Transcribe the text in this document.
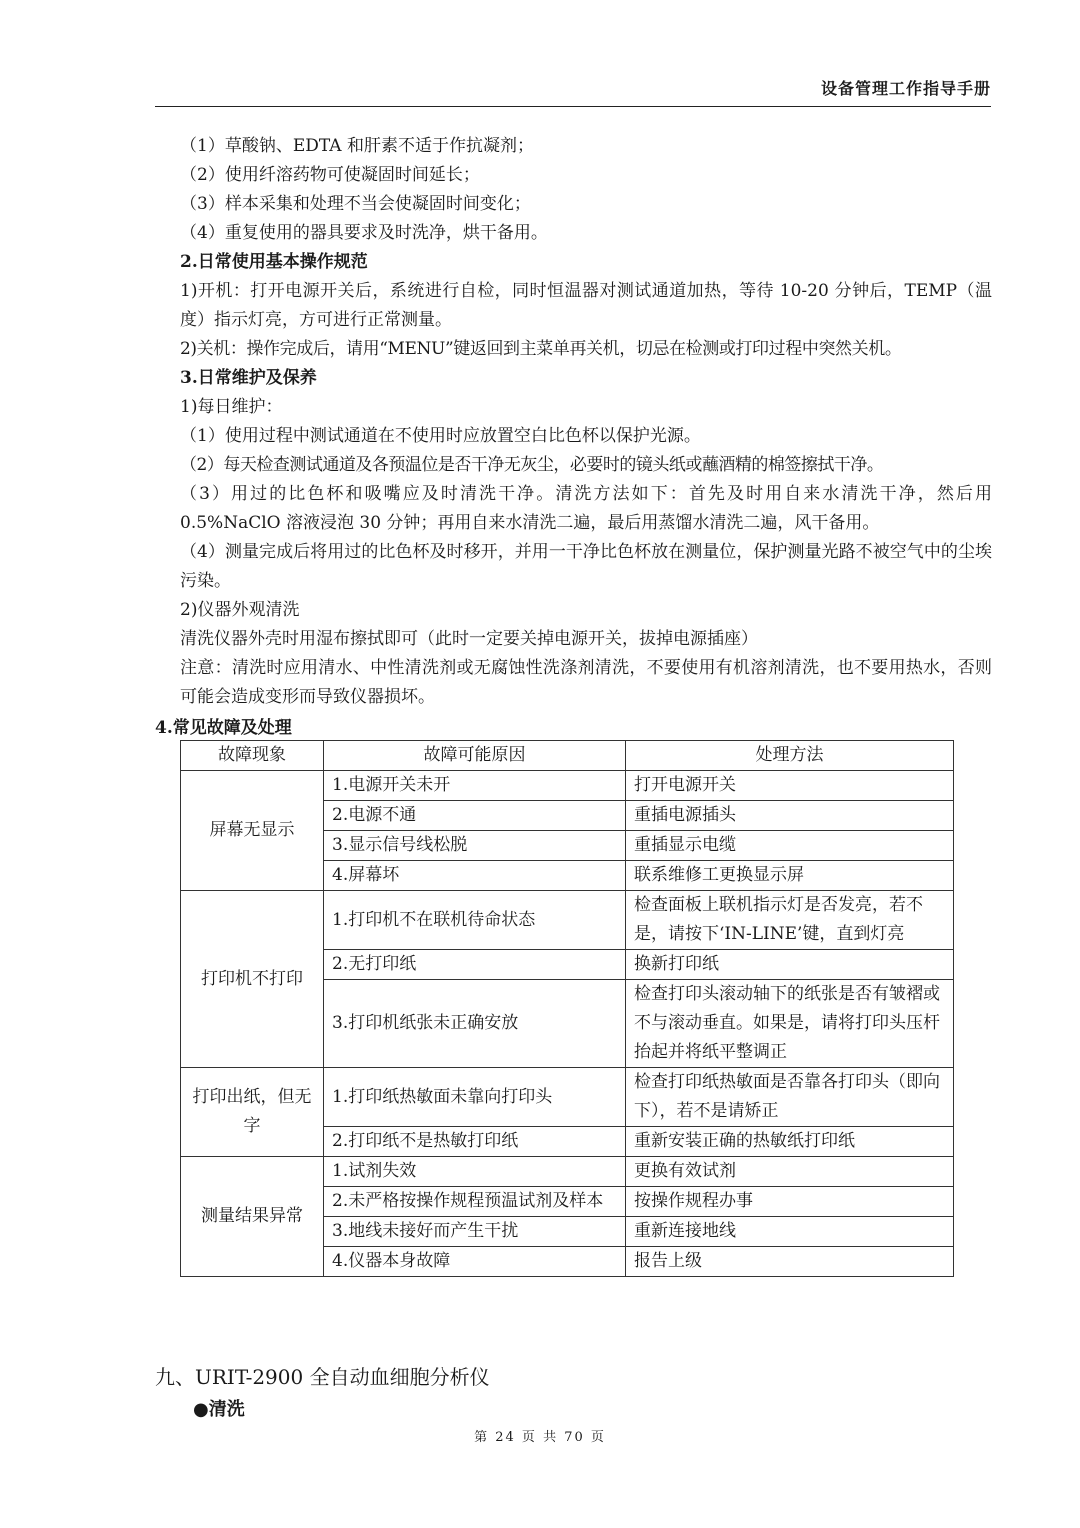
设备管理工作指导手册

（1）草酸钠、EDTA 和肝素不适于作抗凝剂；

（2）使用纤溶药物可使凝固时间延长；

（3）样本采集和处理不当会使凝固时间变化；

（4）重复使用的器具要求及时洗净，烘干备用。

2.日常使用基本操作规范

1)开机：打开电源开关后，系统进行自检，同时恒温器对测试通道加热，等待 10-20 分钟后，TEMP（温度）指示灯亮，方可进行正常测量。

2)关机：操作完成后，请用“MENU”键返回到主菜单再关机，切忌在检测或打印过程中突然关机。

3.日常维护及保养

1)每日维护：

（1）使用过程中测试通道在不使用时应放置空白比色杯以保护光源。

（2）每天检查测试通道及各预温位是否干净无灰尘，必要时的镜头纸或蘸酒精的棉签擦拭干净。

（3）用过的比色杯和吸嘴应及时清洗干净。清洗方法如下：首先及时用自来水清洗干净，然后用0.5%NaClO 溶液浸泡 30 分钟；再用自来水清洗二遍，最后用蒸馏水清洗二遍，风干备用。

（4）测量完成后将用过的比色杯及时移开，并用一干净比色杯放在测量位，保护测量光路不被空气中的尘埃污染。

2)仪器外观清洗

清洗仪器外壳时用湿布擦拭即可（此时一定要关掉电源开关，拔掉电源插座）

注意：清洗时应用清水、中性清洗剂或无腐蚀性洗涤剂清洗，不要使用有机溶剂清洗，也不要用热水，否则可能会造成变形而导致仪器损坏。

4.常见故障及处理
故障现象	故障可能原因	处理方法
屏幕无显示	1.电源开关未开	打开电源开关
	2.电源不通	重插电源插头
	3.显示信号线松脱	重插显示电缆
	4.屏幕坏	联系维修工更换显示屏
打印机不打印	1.打印机不在联机待命状态	检查面板上联机指示灯是否发亮，若不是，请按下‘IN-LINE’键，直到灯亮
	2.无打印纸	换新打印纸
	3.打印机纸张未正确安放	检查打印头滚动轴下的纸张是否有皱褶或不与滚动垂直。如果是，请将打印头压杆抬起并将纸平整调正
打印出纸，但无字	1.打印纸热敏面未靠向打印头	检查打印纸热敏面是否靠各打印头（即向下），若不是请矫正
	2.打印纸不是热敏打印纸	重新安装正确的热敏纸打印纸
测量结果异常	1.试剂失效	更换有效试剂
	2.未严格按操作规程预温试剂及样本	按操作规程办事
	3.地线未接好而产生干扰	重新连接地线
	4.仪器本身故障	报告上级
九、URIT-2900 全自动血细胞分析仪
●清洗
第 24 页 共 70 页
